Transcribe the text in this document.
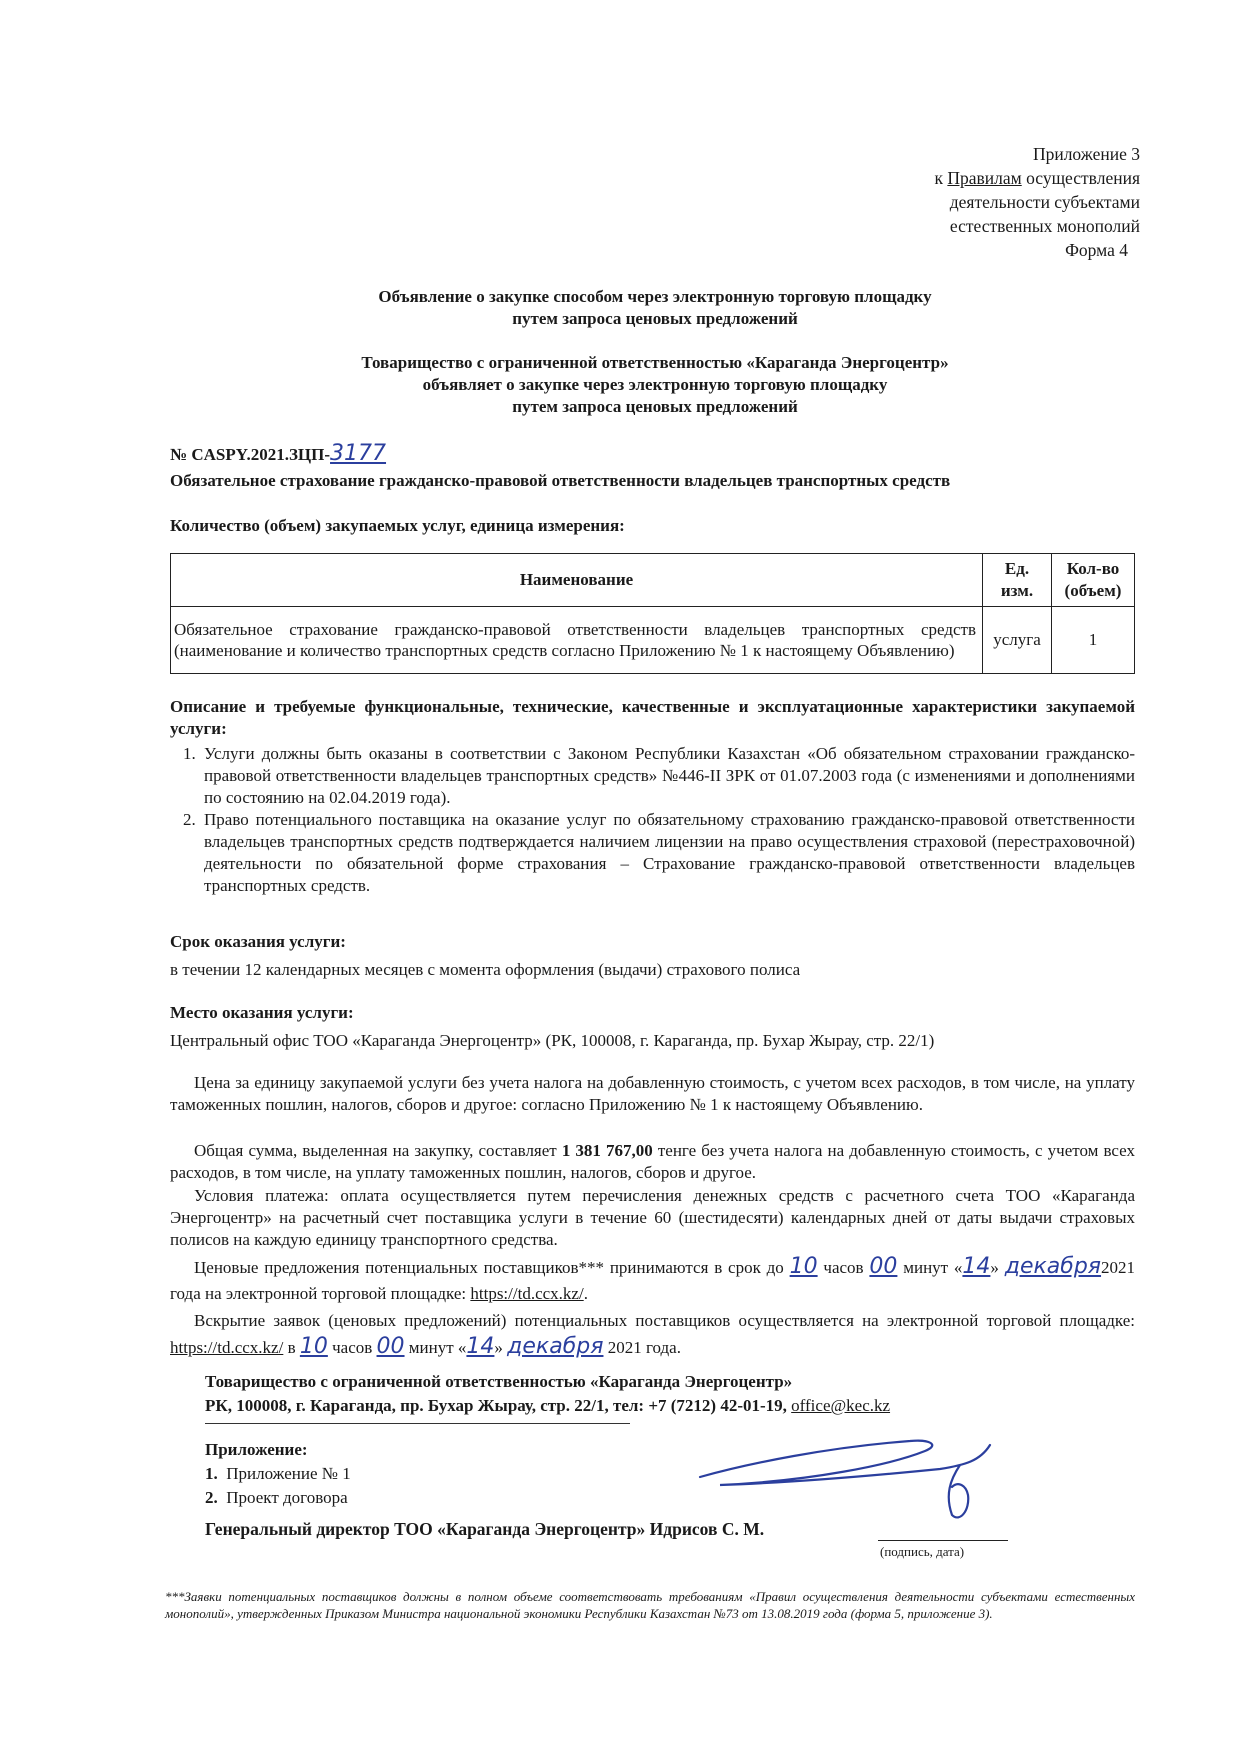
Приложение 3
к Правилам осуществления
деятельности субъектами
естественных монополий
Форма 4
Объявление о закупке способом через электронную торговую площадку
путем запроса ценовых предложений
Товарищество с ограниченной ответственностью «Караганда Энергоцентр»
объявляет о закупке через электронную торговую площадку
путем запроса ценовых предложений
№ CASPY.2021.ЗЦП-3177
Обязательное страхование гражданско-правовой ответственности владельцев транспортных средств
Количество (объем) закупаемых услуг, единица измерения:
Наименование	Ед. изм.	Кол-во (объем)
Обязательное страхование гражданско-правовой ответственности владельцев транспортных средств (наименование и количество транспортных средств согласно Приложению № 1 к настоящему Объявлению)	услуга	1
Описание и требуемые функциональные, технические, качественные и эксплуатационные характеристики закупаемой услуги:
1. Услуги должны быть оказаны в соответствии с Законом Республики Казахстан «Об обязательном страховании гражданско-правовой ответственности владельцев транспортных средств» №446-ІІ ЗРК от 01.07.2003 года (с изменениями и дополнениями по состоянию на 02.04.2019 года).
2. Право потенциального поставщика на оказание услуг по обязательному страхованию гражданско-правовой ответственности владельцев транспортных средств подтверждается наличием лицензии на право осуществления страховой (перестраховочной) деятельности по обязательной форме страхования – Страхование гражданско-правовой ответственности владельцев транспортных средств.
Срок оказания услуги:
в течении 12 календарных месяцев с момента оформления (выдачи) страхового полиса
Место оказания услуги:
Центральный офис ТОО «Караганда Энергоцентр» (РК, 100008, г. Караганда, пр. Бухар Жырау, стр. 22/1)
Цена за единицу закупаемой услуги без учета налога на добавленную стоимость, с учетом всех расходов, в том числе, на уплату таможенных пошлин, налогов, сборов и другое: согласно Приложению № 1 к настоящему Объявлению.
Общая сумма, выделенная на закупку, составляет 1 381 767,00 тенге без учета налога на добавленную стоимость, с учетом всех расходов, в том числе, на уплату таможенных пошлин, налогов, сборов и другое.
Условия платежа: оплата осуществляется путем перечисления денежных средств с расчетного счета ТОО «Караганда Энергоцентр» на расчетный счет поставщика услуги в течение 60 (шестидесяти) календарных дней от даты выдачи страховых полисов на каждую единицу транспортного средства.
Ценовые предложения потенциальных поставщиков*** принимаются в срок до 10 часов 00 минут «14» декабря2021 года на электронной торговой площадке: https://td.ccx.kz/.
Вскрытие заявок (ценовых предложений) потенциальных поставщиков осуществляется на электронной торговой площадке: https://td.ccx.kz/ в 10 часов 00 минут «14» декабря 2021 года.
Товарищество с ограниченной ответственностью «Караганда Энергоцентр»
РК, 100008, г. Караганда, пр. Бухар Жырау, стр. 22/1, тел: +7 (7212) 42-01-19, office@kec.kz
Приложение:
1.  Приложение № 1
2.  Проект договора
Генеральный директор ТОО «Караганда Энергоцентр» Идрисов С. М.
(подпись, дата)
***Заявки потенциальных поставщиков должны в полном объеме соответствовать требованиям «Правил осуществления деятельности субъектами естественных монополий», утвержденных Приказом Министра национальной экономики Республики Казахстан №73 от 13.08.2019 года (форма 5, приложение 3).
